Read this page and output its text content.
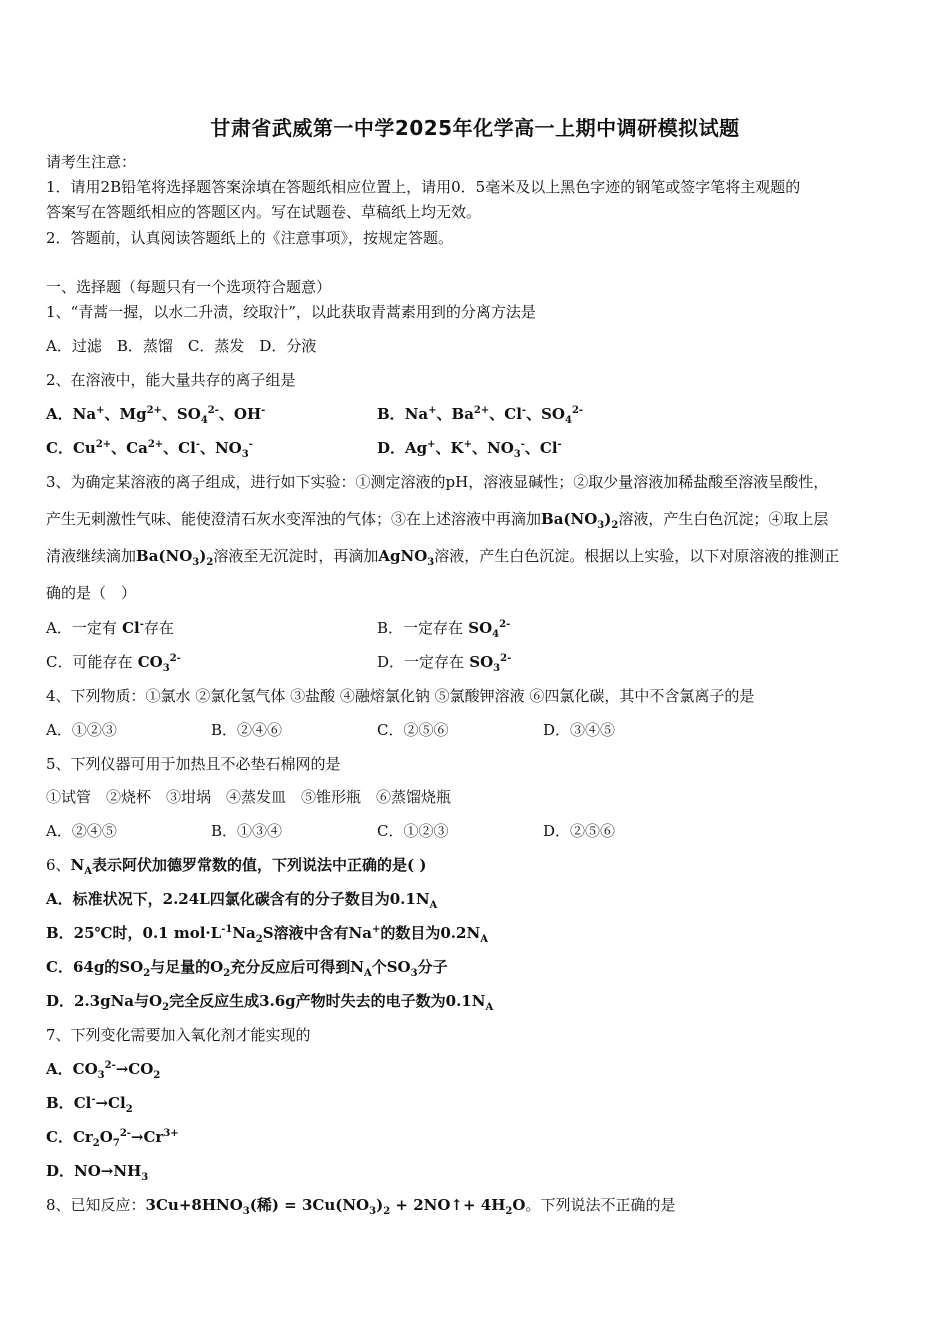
甘肃省武威第一中学2025年化学高一上期中调研模拟试题
请考生注意：
1．请用2B铅笔将选择题答案涂填在答题纸相应位置上，请用0．5毫米及以上黑色字迹的钢笔或签字笔将主观题的
答案写在答题纸相应的答题区内。写在试题卷、草稿纸上均无效。
2．答题前，认真阅读答题纸上的《注意事项》，按规定答题。
一、选择题（每题只有一个选项符合题意）
1、“青蒿一握，以水二升渍，绞取汁”，以此获取青蒿素用到的分离方法是
A．过滤　B．蒸馏　C．蒸发　D．分液
2、在溶液中，能大量共存的离子组是
A．Na+、$Mg^{2+}$、$SO_4^{2-}$、OH-	B．Na+、$Ba^{2+}$、Cl-、$SO_4^{2-}$
C．$Cu^{2+}$、$Ca^{2+}$、Cl-、$NO_3^-$	D．Ag+、K+、$NO_3^-$、Cl-
3、为确定某溶液的离子组成，进行如下实验：①测定溶液的pH，溶液显碱性；②取少量溶液加稀盐酸至溶液呈酸性，
产生无刺激性气味、能使澄清石灰水变浑浊的气体；③在上述溶液中再滴加$Ba(NO_3)_2$溶液，产生白色沉淀；④取上层
清液继续滴加$Ba(NO_3)_2$溶液至无沉淀时，再滴加AgNO$_3$溶液，产生白色沉淀。根据以上实验，以下对原溶液的推测正
确的是（　）
A．一定有 Cl-存在	B．一定存在 $SO_4^{2-}$
C．可能存在 $CO_3^{2-}$	D．一定存在 $SO_3^{2-}$
4、下列物质：①氯水 ②氯化氢气体 ③盐酸 ④融熔氯化钠 ⑤氯酸钾溶液 ⑥四氯化碳，其中不含氯离子的是
A．①②③	B．②④⑥	C．②⑤⑥	D．③④⑤
5、下列仪器可用于加热且不必垫石棉网的是
①试管　②烧杯　③坩埚　④蒸发皿　⑤锥形瓶　⑥蒸馏烧瓶
A．②④⑤	B．①③④	C．①②③	D．②⑤⑥
6、$N_A$表示阿伏加德罗常数的值，下列说法中正确的是( )
A．标准状况下，2.24L四氯化碳含有的分子数目为$0.1N_A$
B．25℃时，0.1 $mol\cdot L^{-1}Na_2S$溶液中含有Na+的数目为$0.2N_A$
C．64g的$SO_2$与足量的$O_2$充分反应后可得到$N_A$个$SO_3$分子
D．2.3gNa与$O_2$完全反应生成3.6g产物时失去的电子数为$0.1N_A$
7、下列变化需要加入氧化剂才能实现的
A．$CO_3^{2-}\to CO_2$
B．$Cl^-\to Cl_2$
C．$Cr_2O_7^{2-}\to Cr^{3+}$
D．$NO\to NH_3$
8、已知反应：$3Cu+8HNO_3$(稀) = $3Cu(NO_3)_2$ + 2NO↑+ $4H_2O$。下列说法不正确的是
